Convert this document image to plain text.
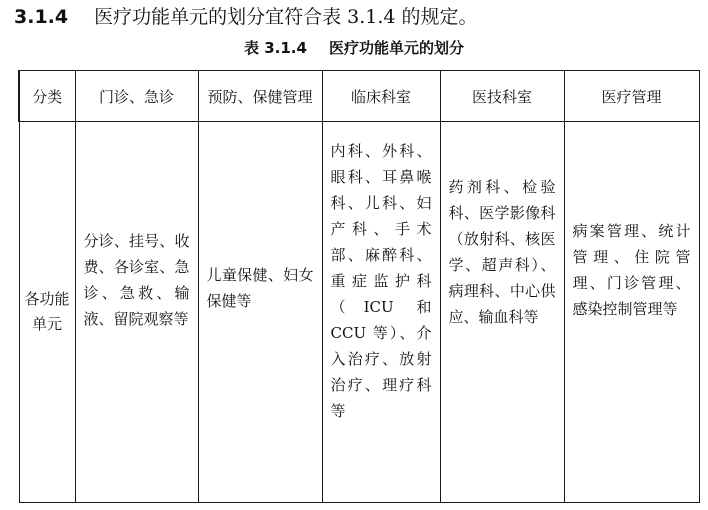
3.1.4 医疗功能单元的划分宜符合表 3.1.4 的规定。
表 3.1.4 医疗功能单元的划分
分类	门诊、急诊	预防、保健管理	临床科室	医技科室	医疗管理

各功能单元	分诊、挂号、收费、各诊室、急诊、急救、输液、留院观察等	儿童保健、妇女保健等	内科、外科、眼科、耳鼻喉科、儿科、妇产科、手术部、麻醉科、重症监护科（ICU 和 CCU 等）、介入治疗、放射治疗、理疗科等	药剂科、检验科、医学影像科（放射科、核医学、超声科）、病理科、中心供应、输血科等	病案管理、统计管理、住院管理、门诊管理、感染控制管理等
